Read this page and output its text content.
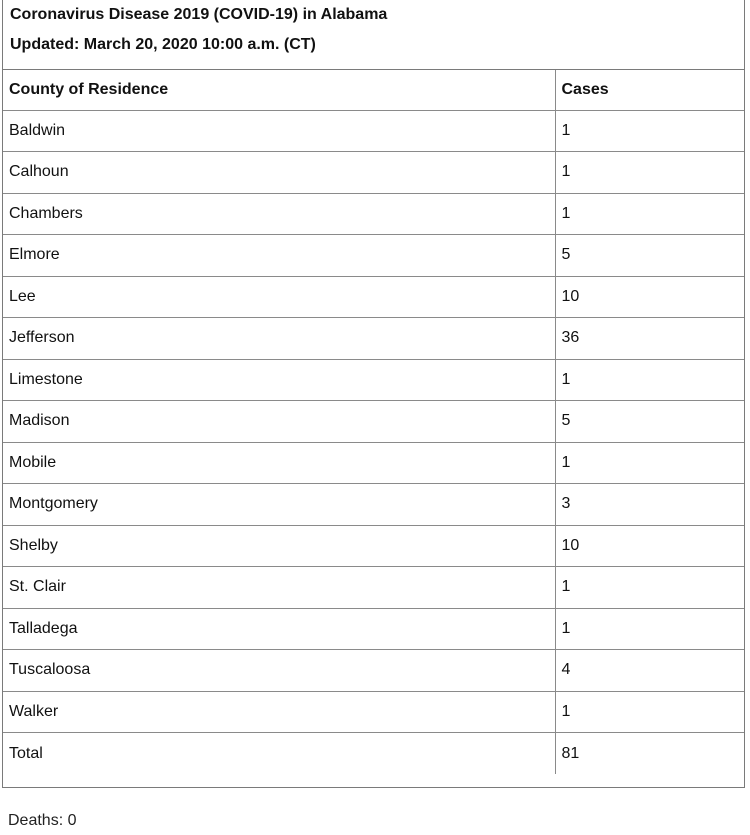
Coronavirus Disease 2019 (COVID-19) in Alabama
Updated: March 20, 2020 10:00 a.m. (CT)
County of Residence	Cases
Baldwin	1
Calhoun	1
Chambers	1
Elmore	5
Lee	10
Jefferson	36
Limestone	1
Madison	5
Mobile	1
Montgomery	3
Shelby	10
St. Clair	1
Talladega	1
Tuscaloosa	4
Walker	1
Total	81
Deaths: 0
